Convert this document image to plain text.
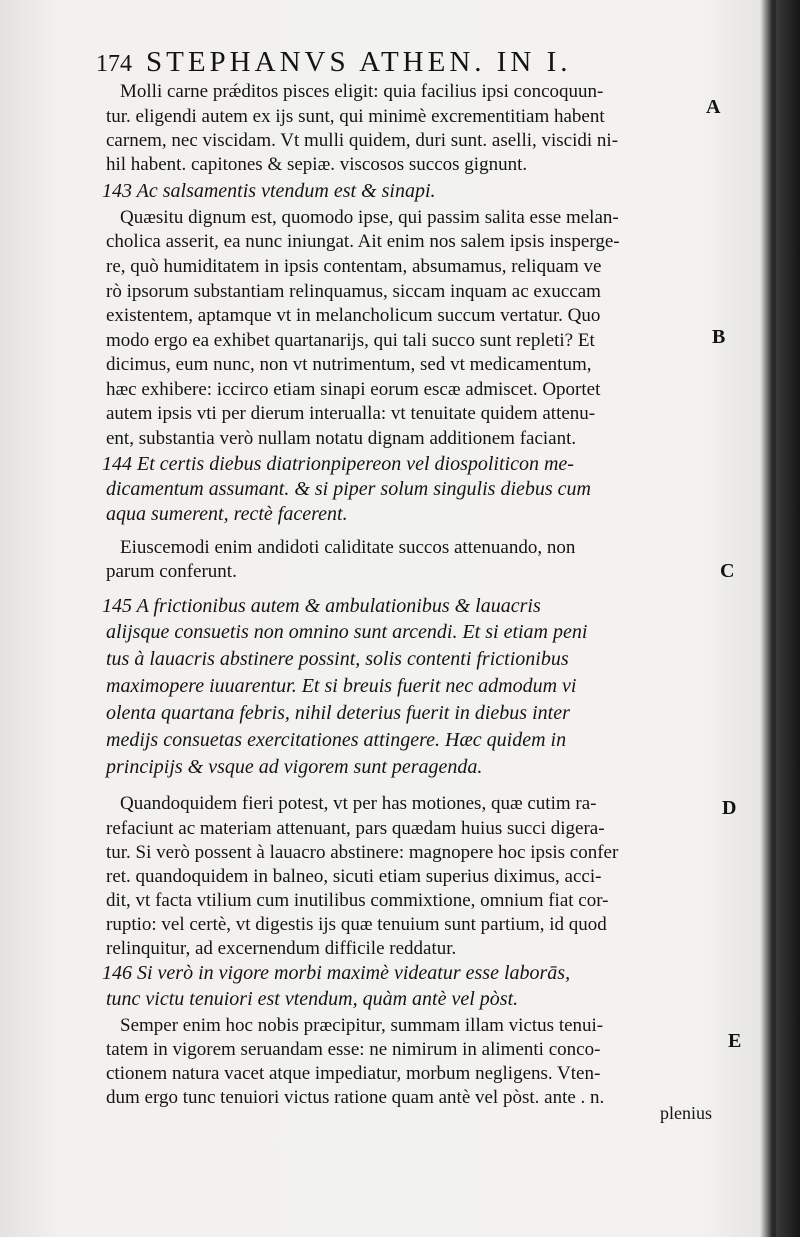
174 STEPHANVS ATHEN. IN I.
Molli carne prǽditos pisces eligit: quia facilius ipsi concoquun-
tur. eligendi autem ex ijs sunt, qui minimè excrementitiam habent
carnem, nec viscidam. Vt mulli quidem, duri sunt. aselli, viscidi ni-
hil habent. capitones & sepiæ. viscosos succos gignunt.
143 Ac salsamentis vtendum est & sinapi.
Quæsitu dignum est, quomodo ipse, qui passim salita esse melan-
cholica asserit, ea nunc iniungat. Ait enim nos salem ipsis insperge-
re, quò humiditatem in ipsis contentam, absumamus, reliquam ve
rò ipsorum substantiam relinquamus, siccam inquam ac exuccam
existentem, aptamque vt in melancholicum succum vertatur. Quo
modo ergo ea exhibet quartanarijs, qui tali succo sunt repleti? Et
dicimus, eum nunc, non vt nutrimentum, sed vt medicamentum,
hæc exhibere: iccirco etiam sinapi eorum escæ admiscet. Oportet
autem ipsis vti per dierum interualla: vt tenuitate quidem attenu-
ent, substantia verò nullam notatu dignam additionem faciant.
144 Et certis diebus diatrionpipereon vel diospoliticon me-
dicamentum assumant. & si piper solum singulis diebus cum
aqua sumerent, rectè facerent.
Eiuscemodi enim andidoti caliditate succos attenuando, non
parum conferunt.
145 A frictionibus autem & ambulationibus & lauacris
alijsque consuetis non omnino sunt arcendi. Et si etiam peni
tus à lauacris abstinere possint, solis contenti frictionibus
maximopere iuuarentur. Et si breuis fuerit nec admodum vi
olenta quartana febris, nihil deterius fuerit in diebus inter
medijs consuetas exercitationes attingere. Hæc quidem in
principijs & vsque ad vigorem sunt peragenda.
Quandoquidem fieri potest, vt per has motiones, quæ cutim ra-
refaciunt ac materiam attenuant, pars quædam huius succi digera-
tur. Si verò possent à lauacro abstinere: magnopere hoc ipsis confer
ret. quandoquidem in balneo, sicuti etiam superius diximus, acci-
dit, vt facta vtilium cum inutilibus commixtione, omnium fiat cor-
ruptio: vel certè, vt digestis ijs quæ tenuium sunt partium, id quod
relinquitur, ad excernendum difficile reddatur.
146 Si verò in vigore morbi maximè videatur esse laborās,
tunc victu tenuiori est vtendum, quàm antè vel pòst.
Semper enim hoc nobis præcipitur, summam illam victus tenui-
tatem in vigorem seruandam esse: ne nimirum in alimenti conco-
ctionem natura vacet atque impediatur, morbum negligens. Vten-
dum ergo tunc tenuiori victus ratione quam antè vel pòst. ante . n.
plenius
A
B
C
D
E
